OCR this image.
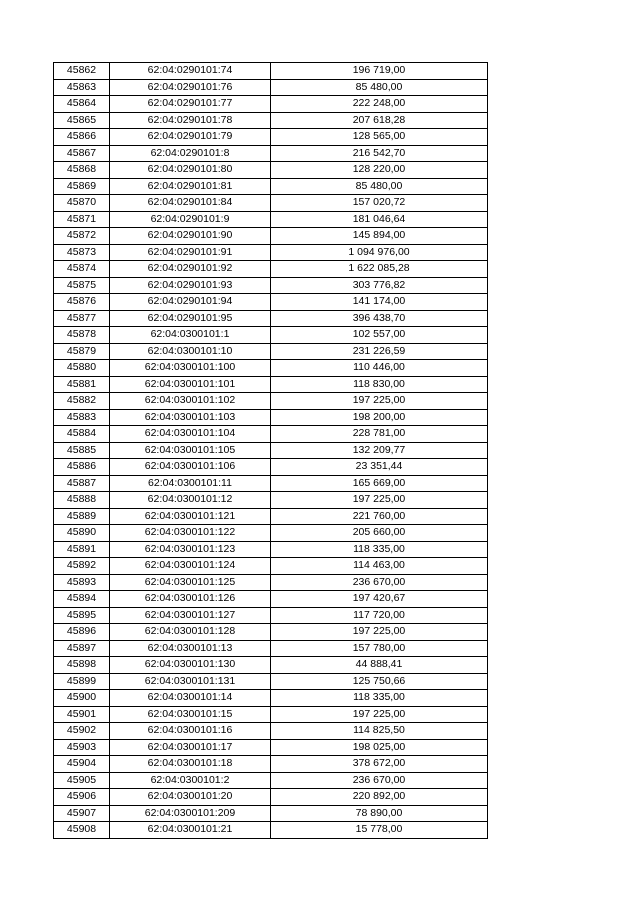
45862	62:04:0290101:74	196 719,00
45863	62:04:0290101:76	85 480,00
45864	62:04:0290101:77	222 248,00
45865	62:04:0290101:78	207 618,28
45866	62:04:0290101:79	128 565,00
45867	62:04:0290101:8	216 542,70
45868	62:04:0290101:80	128 220,00
45869	62:04:0290101:81	85 480,00
45870	62:04:0290101:84	157 020,72
45871	62:04:0290101:9	181 046,64
45872	62:04:0290101:90	145 894,00
45873	62:04:0290101:91	1 094 976,00
45874	62:04:0290101:92	1 622 085,28
45875	62:04:0290101:93	303 776,82
45876	62:04:0290101:94	141 174,00
45877	62:04:0290101:95	396 438,70
45878	62:04:0300101:1	102 557,00
45879	62:04:0300101:10	231 226,59
45880	62:04:0300101:100	110 446,00
45881	62:04:0300101:101	118 830,00
45882	62:04:0300101:102	197 225,00
45883	62:04:0300101:103	198 200,00
45884	62:04:0300101:104	228 781,00
45885	62:04:0300101:105	132 209,77
45886	62:04:0300101:106	23 351,44
45887	62:04:0300101:11	165 669,00
45888	62:04:0300101:12	197 225,00
45889	62:04:0300101:121	221 760,00
45890	62:04:0300101:122	205 660,00
45891	62:04:0300101:123	118 335,00
45892	62:04:0300101:124	114 463,00
45893	62:04:0300101:125	236 670,00
45894	62:04:0300101:126	197 420,67
45895	62:04:0300101:127	117 720,00
45896	62:04:0300101:128	197 225,00
45897	62:04:0300101:13	157 780,00
45898	62:04:0300101:130	44 888,41
45899	62:04:0300101:131	125 750,66
45900	62:04:0300101:14	118 335,00
45901	62:04:0300101:15	197 225,00
45902	62:04:0300101:16	114 825,50
45903	62:04:0300101:17	198 025,00
45904	62:04:0300101:18	378 672,00
45905	62:04:0300101:2	236 670,00
45906	62:04:0300101:20	220 892,00
45907	62:04:0300101:209	78 890,00
45908	62:04:0300101:21	15 778,00
